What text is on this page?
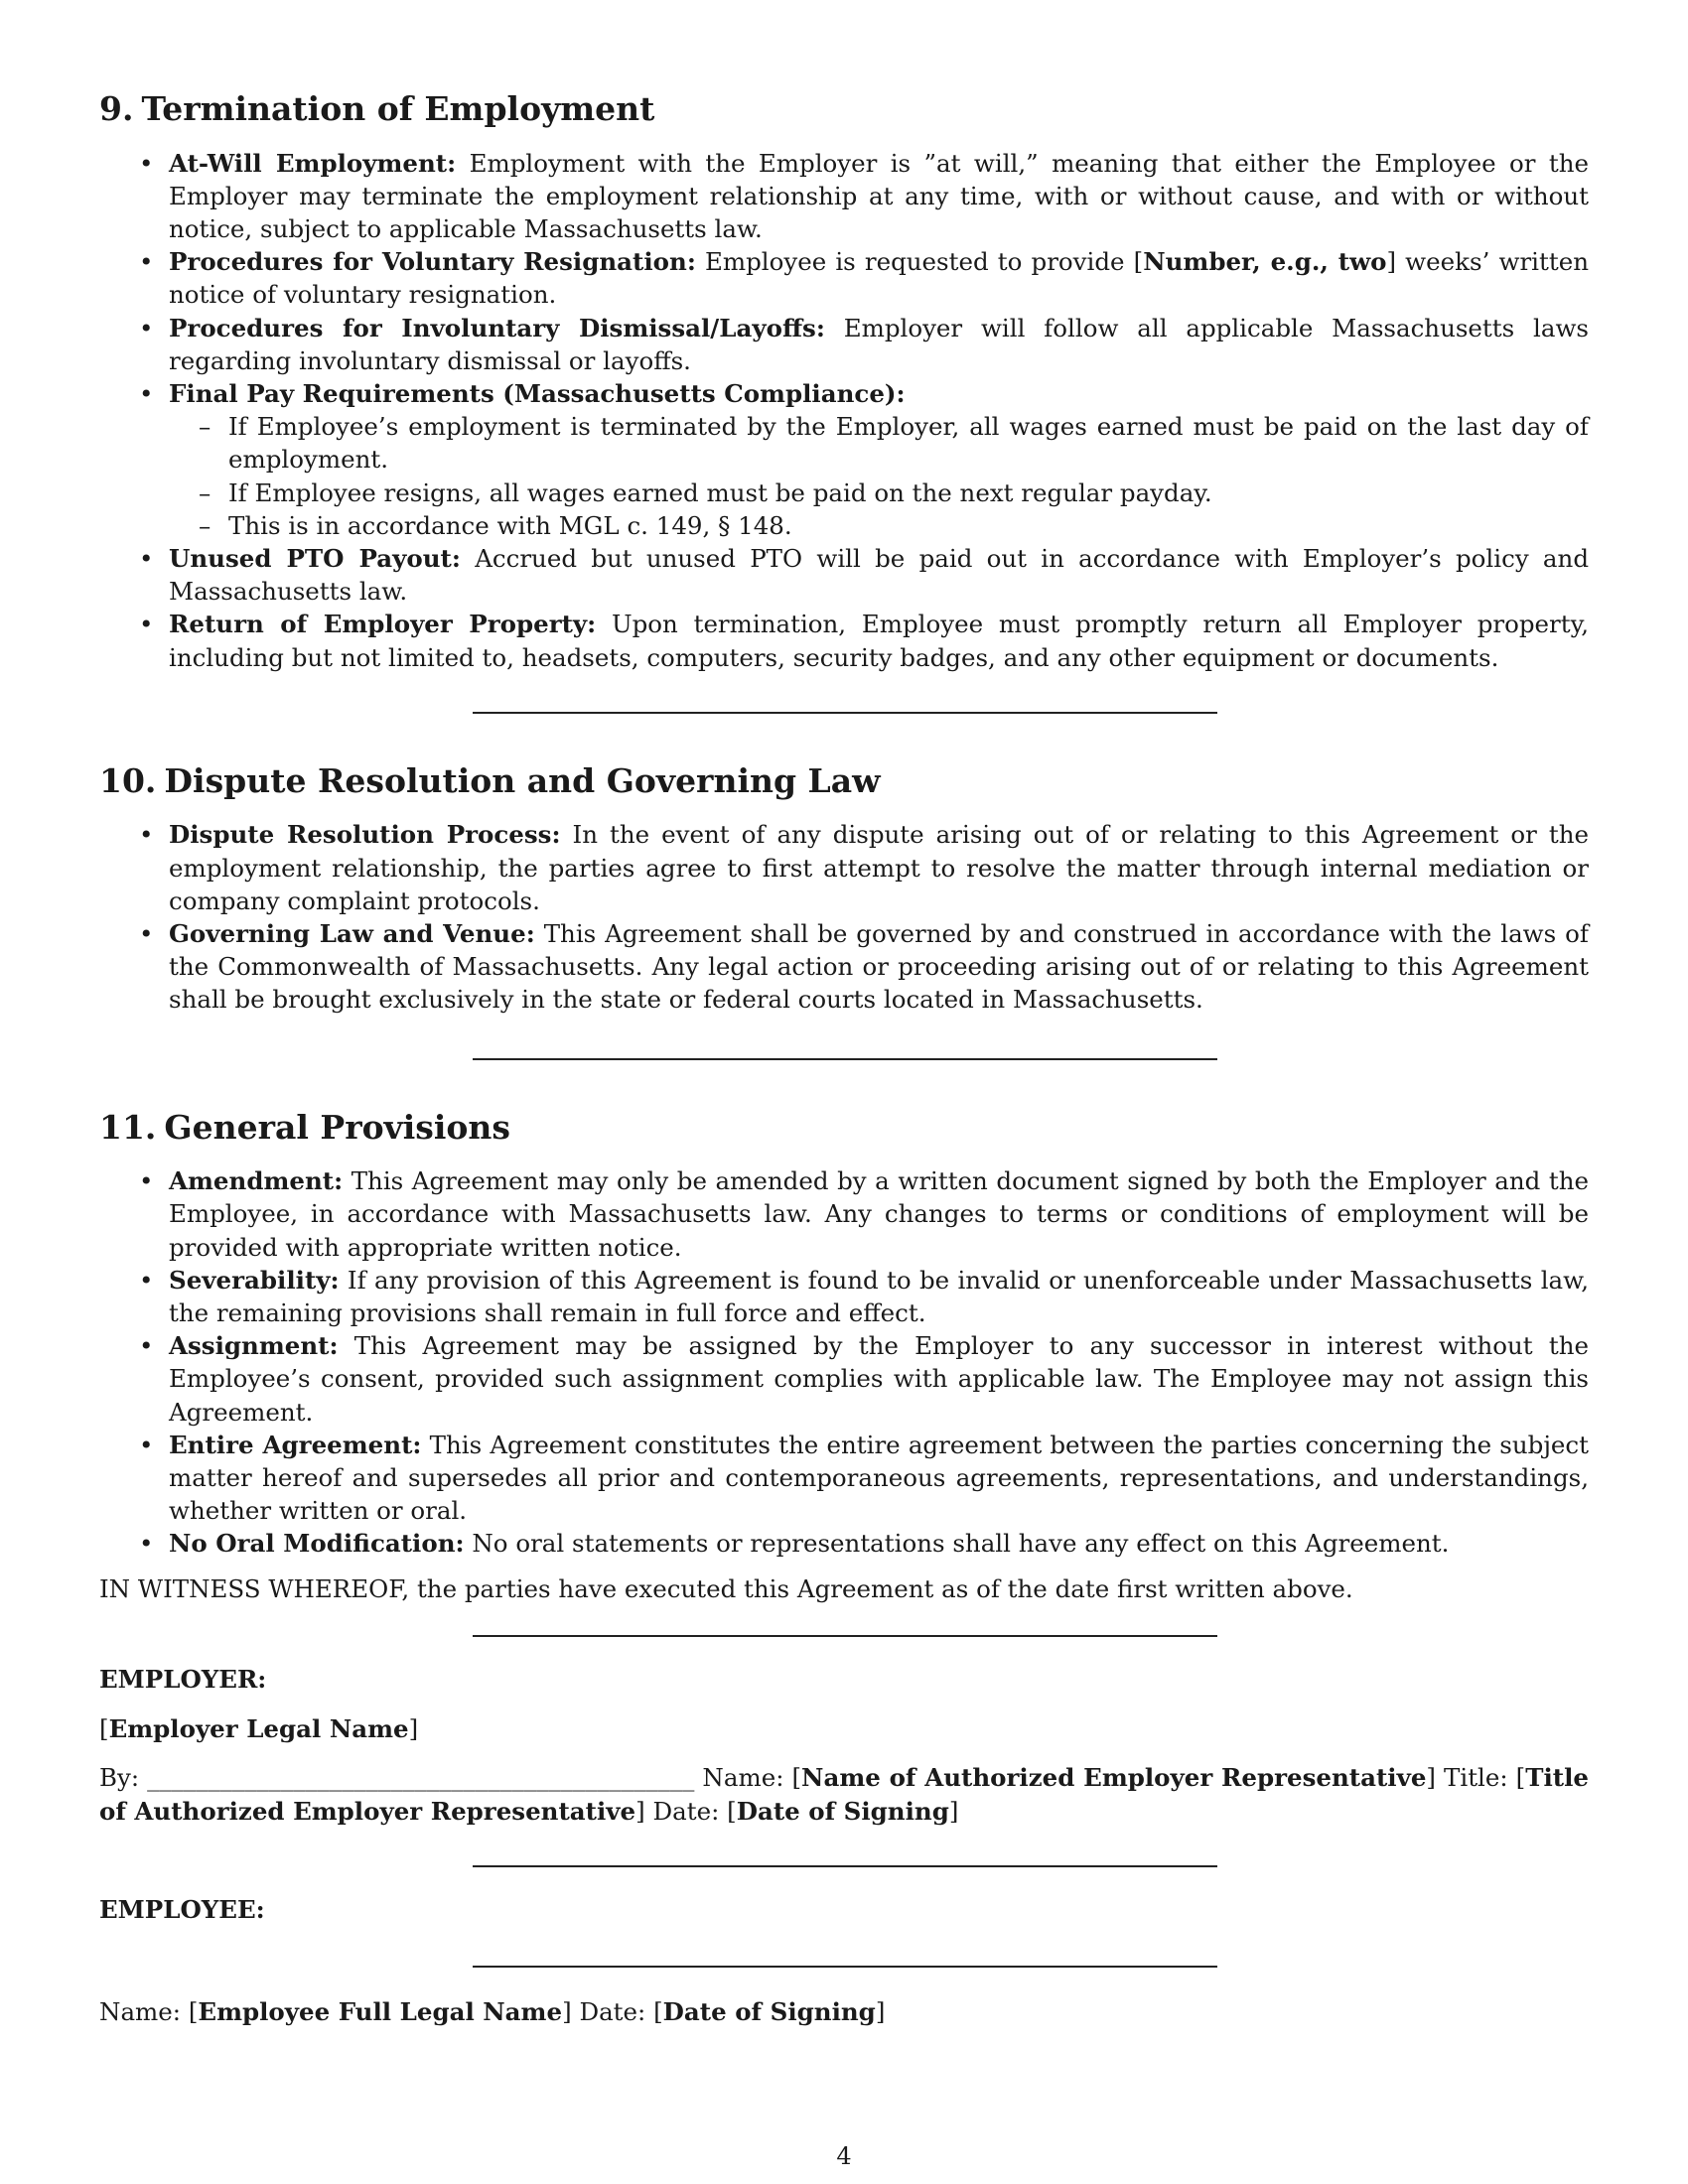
9. Termination of Employment
• At-Will Employment: Employment with the Employer is ”at will,” meaning that either the Employee or the Employer may terminate the employment relationship at any time, with or without cause, and with or without notice, subject to applicable Massachusetts law.
• Procedures for Voluntary Resignation: Employee is requested to provide [Number, e.g., two] weeks’ written notice of voluntary resignation.
• Procedures for Involuntary Dismissal/Layoffs: Employer will follow all applicable Massachusetts laws regarding involuntary dismissal or layoffs.
• Final Pay Requirements (Massachusetts Compliance):
– If Employee’s employment is terminated by the Employer, all wages earned must be paid on the last day of employment.
– If Employee resigns, all wages earned must be paid on the next regular payday.
– This is in accordance with MGL c. 149, § 148.
• Unused PTO Payout: Accrued but unused PTO will be paid out in accordance with Employer’s policy and Massachusetts law.
• Return of Employer Property: Upon termination, Employee must promptly return all Employer property, including but not limited to, headsets, computers, security badges, and any other equipment or documents.
10. Dispute Resolution and Governing Law
• Dispute Resolution Process: In the event of any dispute arising out of or relating to this Agreement or the employment relationship, the parties agree to first attempt to resolve the matter through internal mediation or company complaint protocols.
• Governing Law and Venue: This Agreement shall be governed by and construed in accordance with the laws of the Commonwealth of Massachusetts. Any legal action or proceeding arising out of or relating to this Agreement shall be brought exclusively in the state or federal courts located in Massachusetts.
11. General Provisions
• Amendment: This Agreement may only be amended by a written document signed by both the Employer and the Employee, in accordance with Massachusetts law. Any changes to terms or conditions of employment will be provided with appropriate written notice.
• Severability: If any provision of this Agreement is found to be invalid or unenforceable under Massachusetts law, the remaining provisions shall remain in full force and effect.
• Assignment: This Agreement may be assigned by the Employer to any successor in interest without the Employee’s consent, provided such assignment complies with applicable law. The Employee may not assign this Agreement.
• Entire Agreement: This Agreement constitutes the entire agreement between the parties concerning the subject matter hereof and supersedes all prior and contemporaneous agreements, representations, and understandings, whether written or oral.
• No Oral Modification: No oral statements or representations shall have any effect on this Agreement.

IN WITNESS WHEREOF, the parties have executed this Agreement as of the date first written above.

EMPLOYER:

[Employer Legal Name]

By: _____________________________________________ Name: [Name of Authorized Employer Representative] Title: [Title of Authorized Employer Representative] Date: [Date of Signing]

EMPLOYEE:

Name: [Employee Full Legal Name] Date: [Date of Signing]

4
